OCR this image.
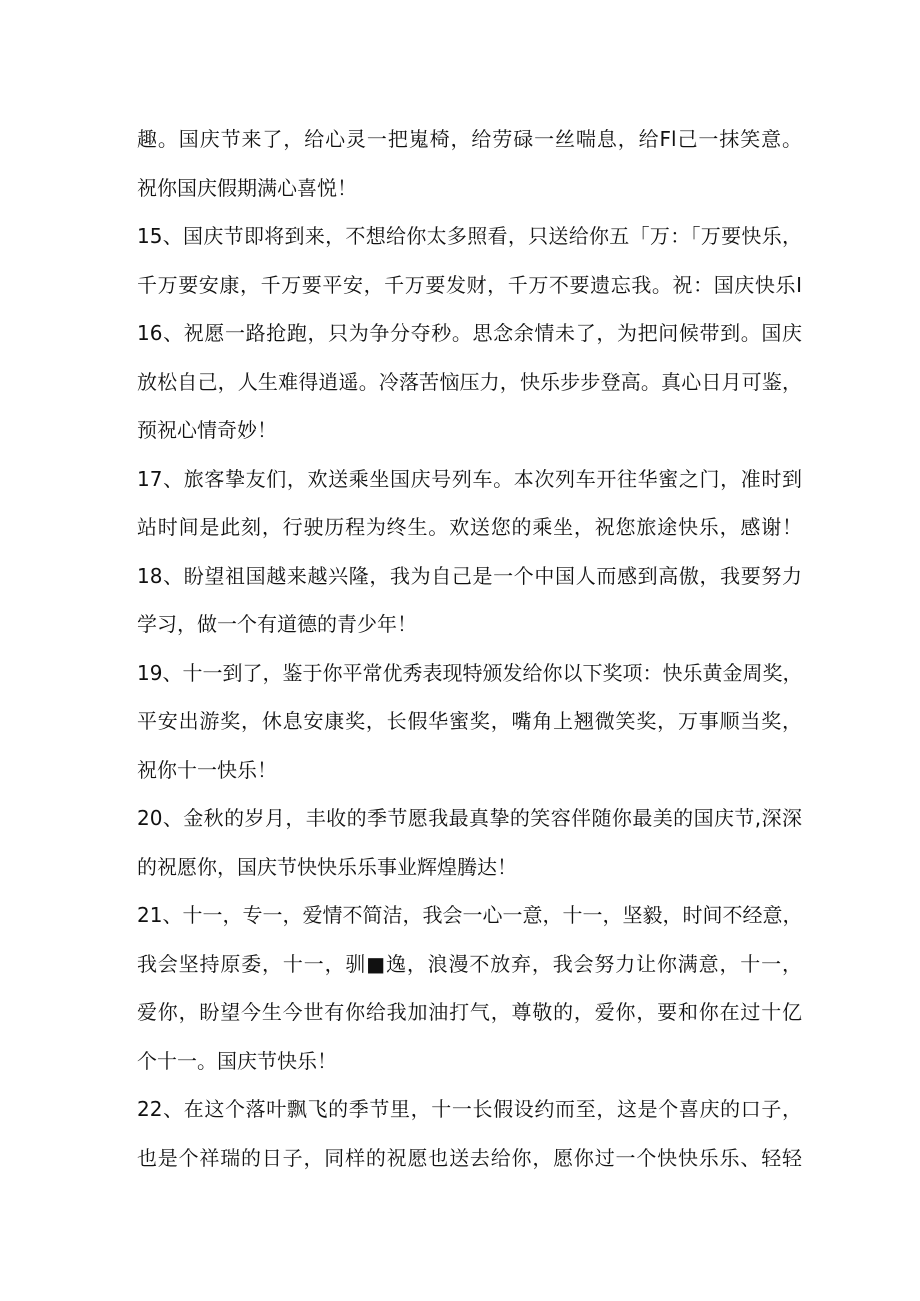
趣。国庆节来了，给心灵一把嵬椅，给劳碌一丝喘息，给Fl己一抹笑意。
祝你国庆假期满心喜悦！
15、国庆节即将到来，不想给你太多照看，只送给你五「万：「万要快乐，
千万要安康，千万要平安，千万要发财，千万不要遗忘我。祝：国庆快乐I
16、祝愿一路抢跑，只为争分夺秒。思念余情未了，为把问候带到。国庆
放松自己，人生难得逍遥。冷落苦恼压力，快乐步步登高。真心日月可鉴，
预祝心情奇妙！
17、旅客挚友们，欢送乘坐国庆号列车。本次列车开往华蜜之门，准时到
站时间是此刻，行驶历程为终生。欢送您的乘坐，祝您旅途快乐，感谢！
18、盼望祖国越来越兴隆，我为自己是一个中国人而感到高傲，我要努力
学习，做一个有道德的青少年！
19、十一到了，鉴于你平常优秀表现特颁发给你以下奖项：快乐黄金周奖，
平安出游奖，休息安康奖，长假华蜜奖，嘴角上翘微笑奖，万事顺当奖，
祝你十一快乐！
20、金秋的岁月，丰收的季节愿我最真挚的笑容伴随你最美的国庆节,深深
的祝愿你，国庆节快快乐乐事业辉煌腾达！
21、十一，专一，爱情不简洁，我会一心一意，十一，坚毅，时间不经意，
我会坚持原委，十一，驯■逸，浪漫不放弃，我会努力让你满意，十一，
爱你，盼望今生今世有你给我加油打气，尊敬的，爱你，要和你在过十亿
个十一。国庆节快乐！
22、在这个落叶飘飞的季节里，十一长假设约而至，这是个喜庆的口子，
也是个祥瑞的日子，同样的祝愿也送去给你，愿你过一个快快乐乐、轻轻
